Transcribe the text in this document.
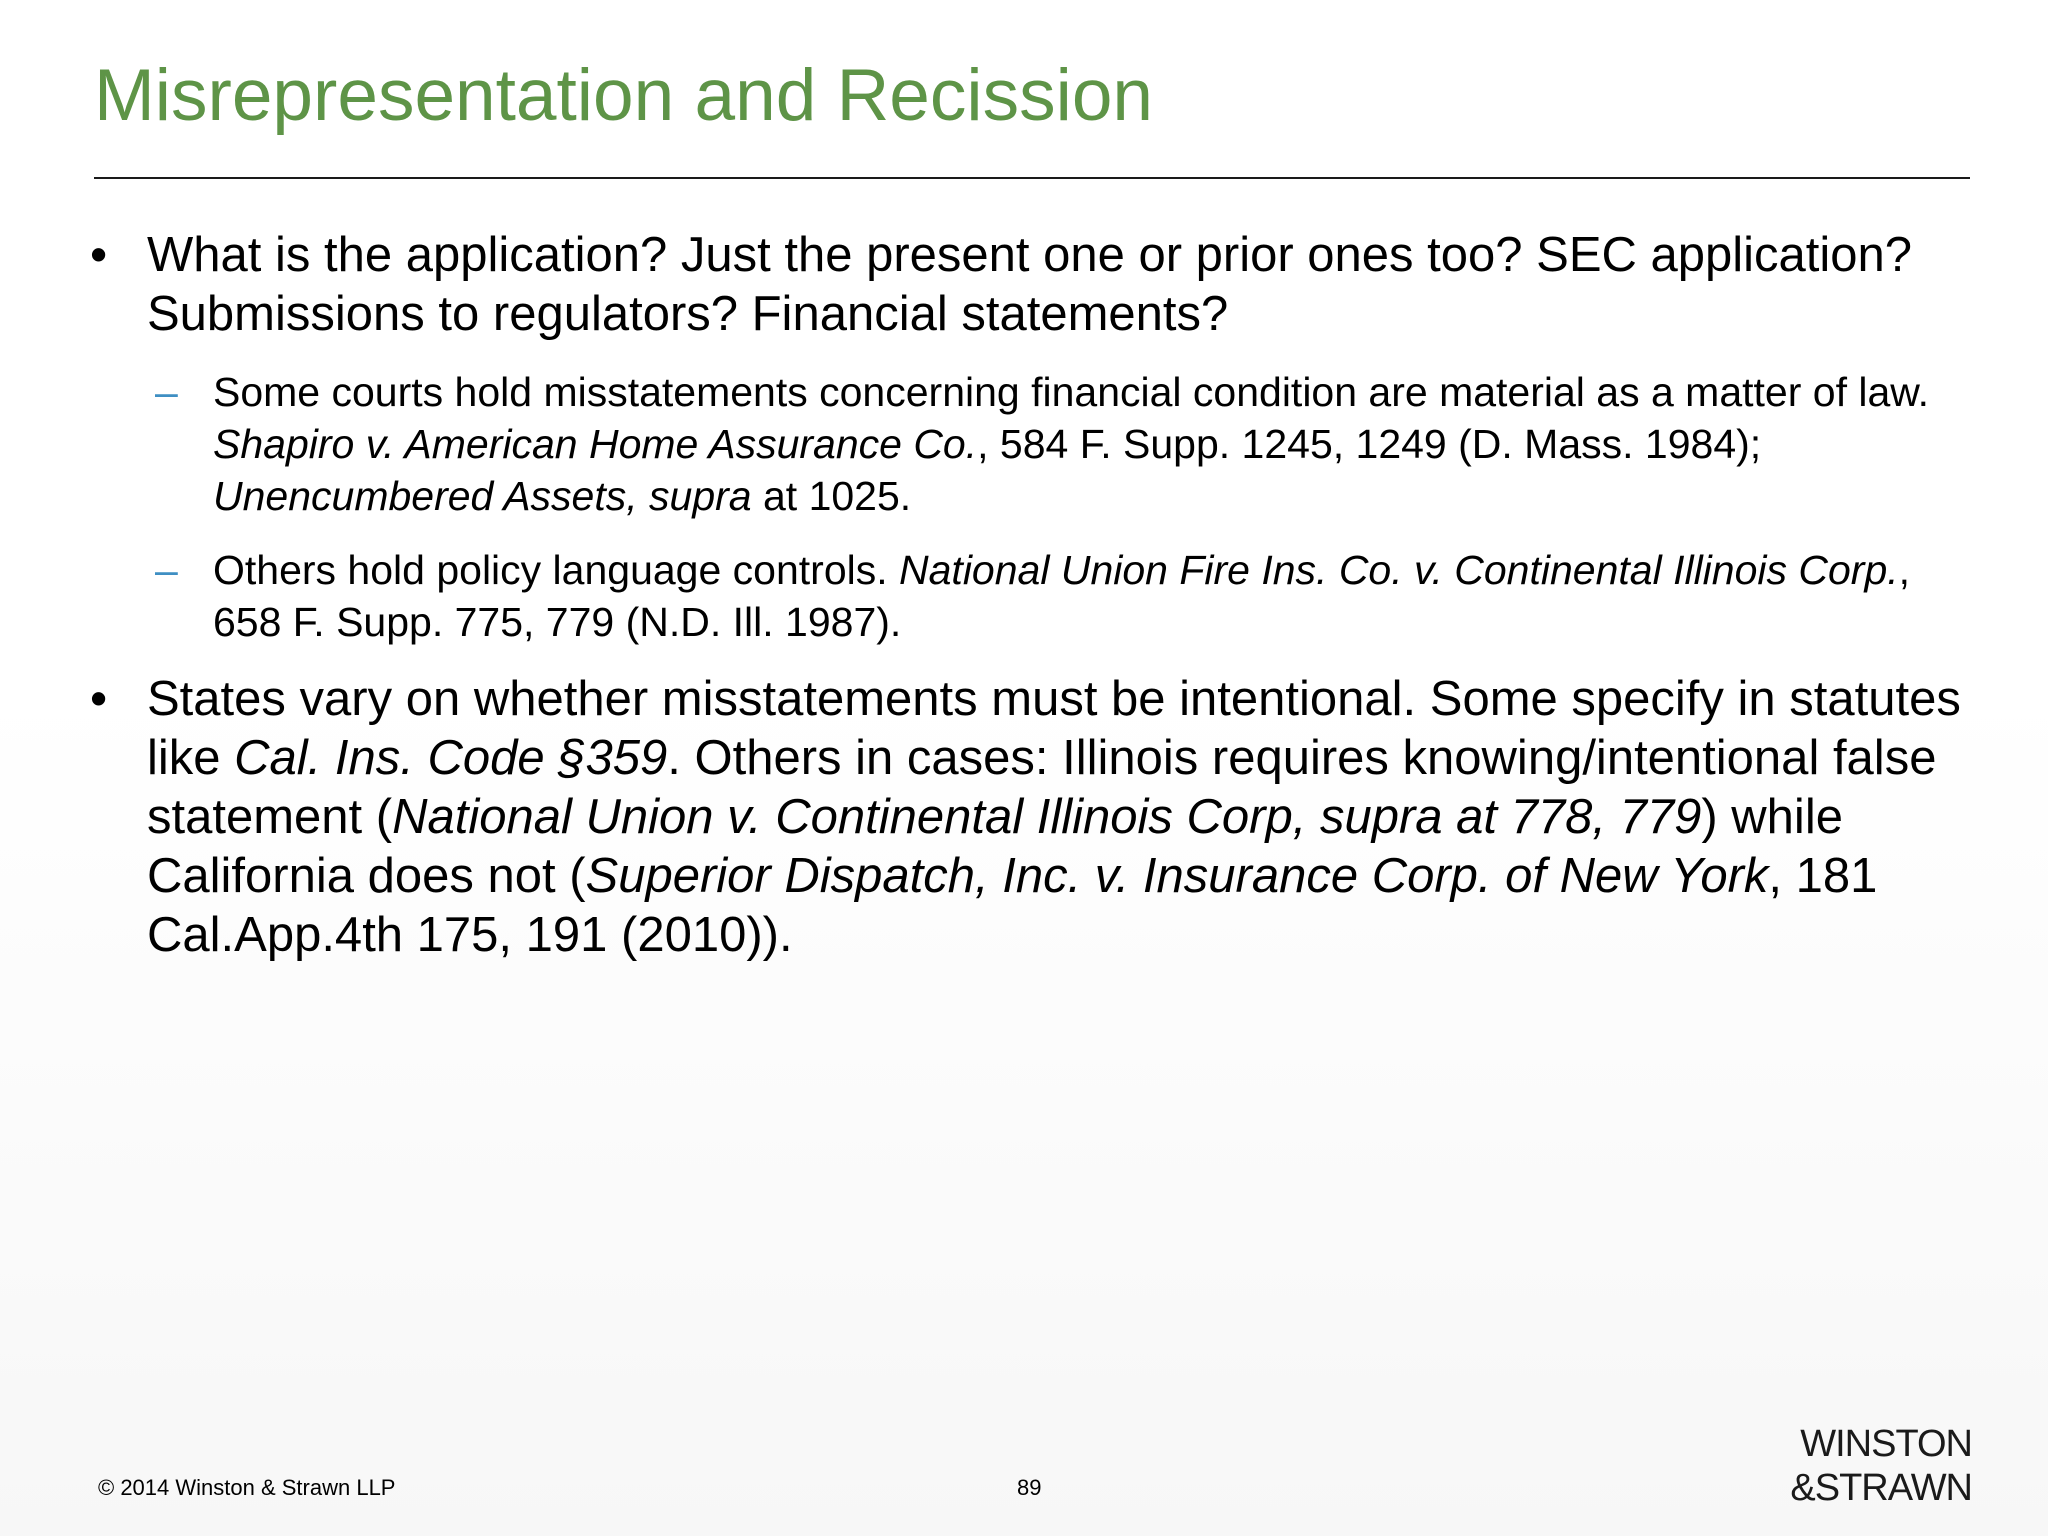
Misrepresentation and Recission
• What is the application? Just the present one or prior ones too? SEC application? Submissions to regulators? Financial statements?
– Some courts hold misstatements concerning financial condition are material as a matter of law. Shapiro v. American Home Assurance Co., 584 F. Supp. 1245, 1249 (D. Mass. 1984); Unencumbered Assets, supra at 1025.
– Others hold policy language controls. National Union Fire Ins. Co. v. Continental Illinois Corp., 658 F. Supp. 775, 779 (N.D. Ill. 1987).
• States vary on whether misstatements must be intentional. Some specify in statutes like Cal. Ins. Code §359. Others in cases: Illinois requires knowing/intentional false statement (National Union v. Continental Illinois Corp, supra at 778, 779) while California does not (Superior Dispatch, Inc. v. Insurance Corp. of New York, 181 Cal.App.4th 175, 191 (2010)).
© 2014 Winston & Strawn LLP	89
WINSTON
&STRAWN
